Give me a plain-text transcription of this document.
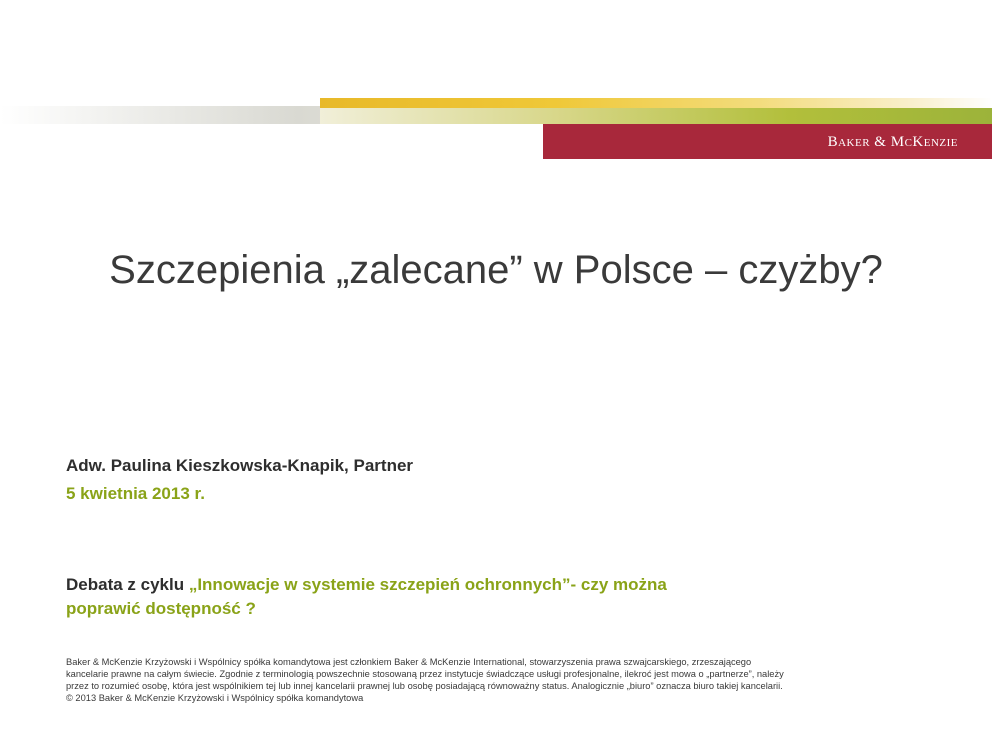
Baker & McKenzie
Szczepienia „zalecane” w Polsce – czyżby?
Adw. Paulina Kieszkowska-Knapik, Partner
5 kwietnia 2013 r.
Debata z cyklu „Innowacje w systemie szczepień ochronnych”- czy można
poprawić dostępność ?
Baker & McKenzie Krzyżowski i Wspólnicy spółka komandytowa jest członkiem Baker & McKenzie International, stowarzyszenia prawa szwajcarskiego, zrzeszającego
kancelarie prawne na całym świecie. Zgodnie z terminologią powszechnie stosowaną przez instytucje świadczące usługi profesjonalne, ilekroć jest mowa o „partnerze”, należy
przez to rozumieć osobę, która jest wspólnikiem tej lub innej kancelarii prawnej lub osobę posiadającą równoważny status. Analogicznie „biuro” oznacza biuro takiej kancelarii.
© 2013 Baker & McKenzie Krzyżowski i Wspólnicy spółka komandytowa
